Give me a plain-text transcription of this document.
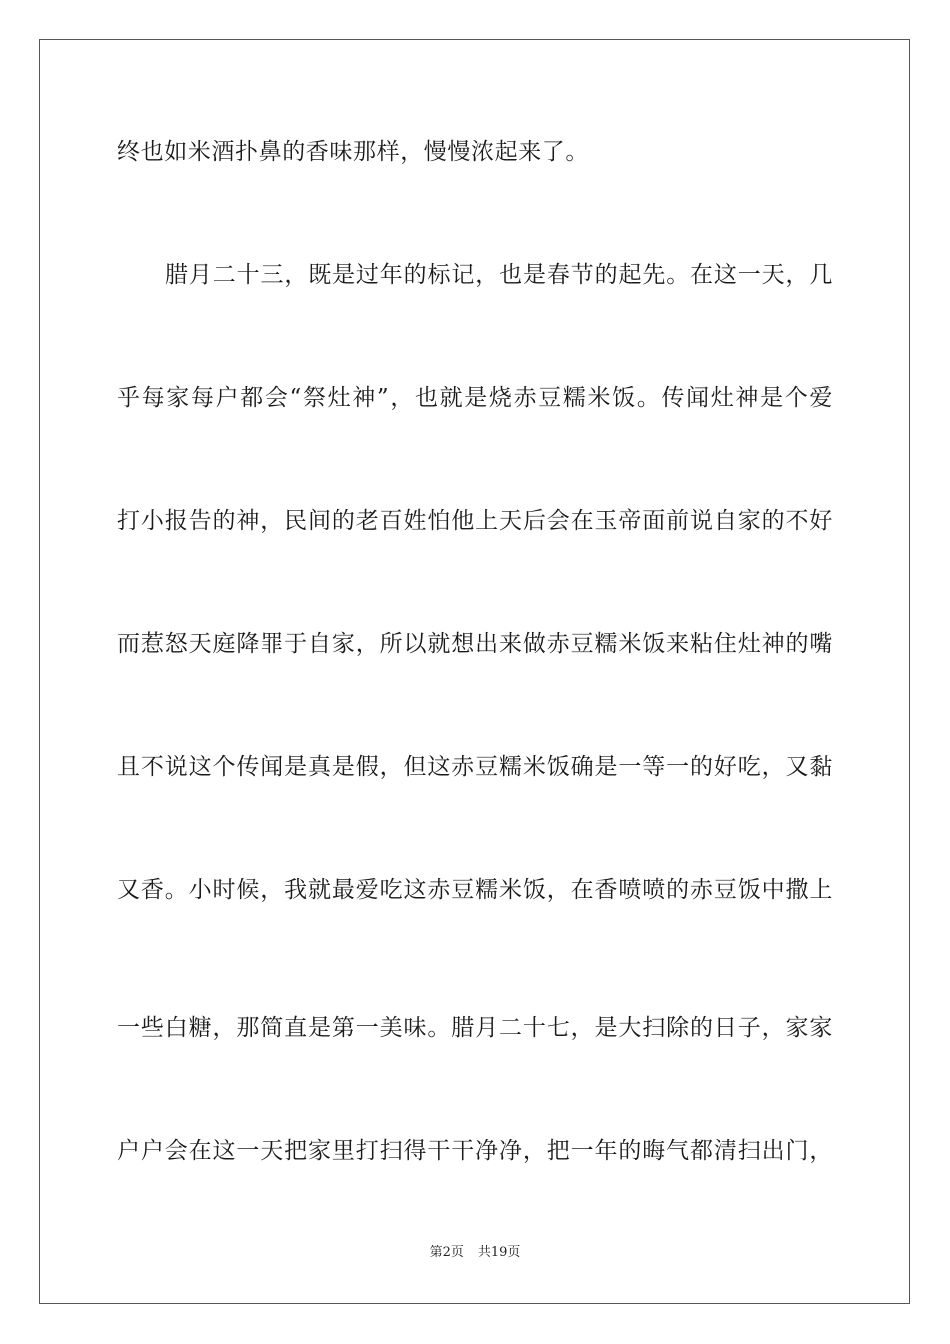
终也如米酒扑鼻的香味那样，慢慢浓起来了。
腊月二十三，既是过年的标记，也是春节的起先。在这一天，几
乎每家每户都会“祭灶神”，也就是烧赤豆糯米饭。传闻灶神是个爱
打小报告的神，民间的老百姓怕他上天后会在玉帝面前说自家的不好
而惹怒天庭降罪于自家，所以就想出来做赤豆糯米饭来粘住灶神的嘴
且不说这个传闻是真是假，但这赤豆糯米饭确是一等一的好吃，又黏
又香。小时候，我就最爱吃这赤豆糯米饭，在香喷喷的赤豆饭中撒上
一些白糖，那简直是第一美味。腊月二十七，是大扫除的日子，家家
户户会在这一天把家里打扫得干干净净，把一年的晦气都清扫出门，
第2页 共19页
